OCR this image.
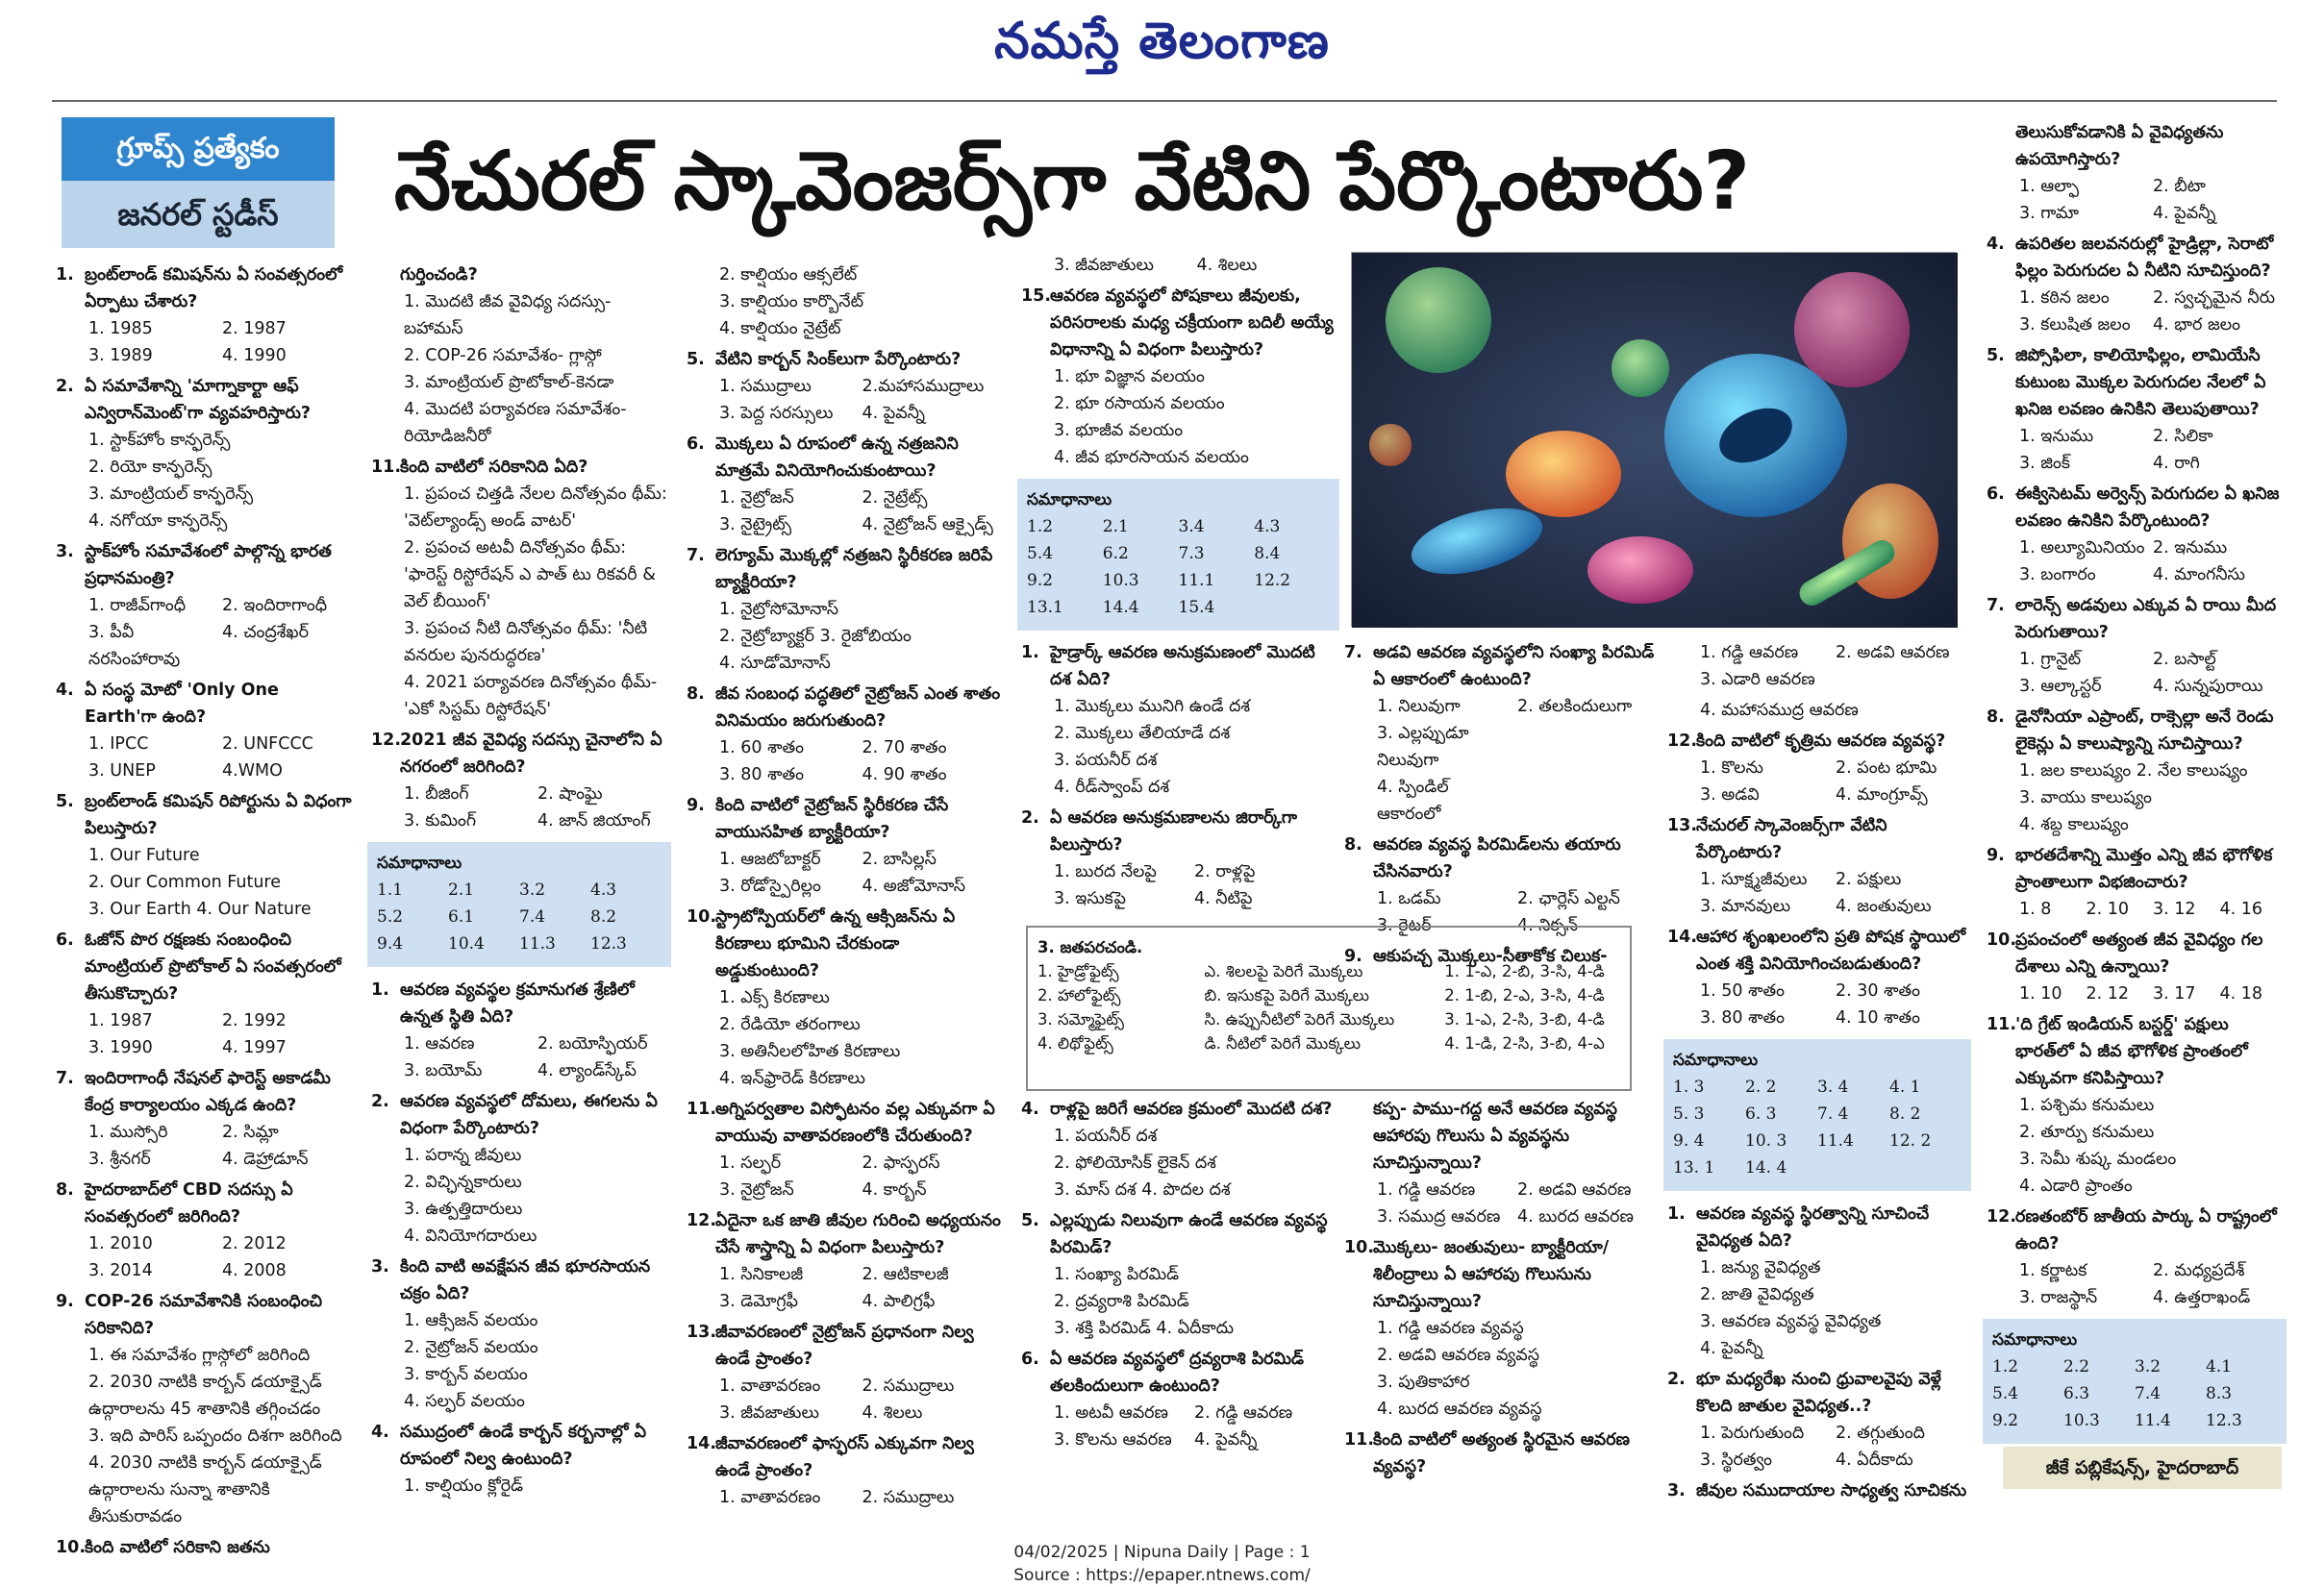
నమస్తే తెలంగాణ
గ్రూప్స్ ప్రత్యేకం
జనరల్ స్టడీస్	నేచురల్ స్కావెంజర్స్‌గా వేటిని పేర్కొంటారు?
1. బ్రంట్‌లాండ్ కమిషన్‌ను ఏ సంవత్సరంలో ఏర్పాటు చేశారు?
1. 1985	2. 1987
3. 1989	4. 1990
2. ఏ సమావేశాన్ని 'మాగ్నాకార్టా ఆఫ్ ఎన్విరాన్‌మెంట్'గా వ్యవహరిస్తారు?
1. స్టాక్‌హోం కాన్ఫరెన్స్
2. రియో కాన్ఫరెన్స్
3. మాంట్రియల్ కాన్ఫరెన్స్
4. నగోయా కాన్ఫరెన్స్
3. స్టాక్‌హోం సమావేశంలో పాల్గొన్న భారత ప్రధానమంత్రి?
1. రాజీవ్‌గాంధీ	2. ఇందిరాగాంధీ
3. పీవీ నరసింహారావు
4. చంద్రశేఖర్
4. ఏ సంస్థ మోటో 'Only One Earth'గా ఉంది?
1. IPCC	2. UNFCCC
3. UNEP	4.WMO
5. బ్రంట్‌లాండ్ కమిషన్ రిపోర్టును ఏ విధంగా పిలుస్తారు?
1. Our Future
2. Our Common Future
3. Our Earth 4. Our Nature
6. ఓజోన్ పొర రక్షణకు సంబంధించి మాంట్రియల్ ప్రొటోకాల్ ఏ సంవత్సరంలో తీసుకొచ్చారు?
1. 1987	2. 1992
3. 1990	4. 1997
7. ఇందిరాగాంధీ నేషనల్ ఫారెస్ట్ అకాడమీ కేంద్ర కార్యాలయం ఎక్కడ ఉంది?
1. ముస్సోరి	2. సిమ్లా
3. శ్రీనగర్	4. డెహ్రాడూన్
8. హైదరాబాద్‌లో CBD సదస్సు ఏ సంవత్సరంలో జరిగింది?
1. 2010	2. 2012
3. 2014	4. 2008
9. COP-26 సమావేశానికి సంబంధించి సరికానిది?
1. ఈ సమావేశం గ్లాస్గోలో జరిగింది
2. 2030 నాటికి కార్బన్ డయాక్సైడ్ ఉద్గారాలను 45 శాతానికి తగ్గించడం
3. ఇది పారిస్ ఒప్పందం దిశగా జరిగింది
4. 2030 నాటికి కార్బన్ డయాక్సైడ్ ఉద్గారాలను సున్నా శాతానికి తీసుకురావడం
10.కింది వాటిలో సరికాని జతను
గుర్తించండి?
1. మొదటి జీవ వైవిధ్య సదస్సు- బహామస్
2. COP-26 సమావేశం- గ్లాస్గో
3. మాంట్రియల్ ప్రొటోకాల్-కెనడా
4. మొదటి పర్యావరణ సమావేశం- రియోడిజనీరో
11.కింది వాటిలో సరికానిది ఏది?
1. ప్రపంచ చిత్తడి నేలల దినోత్సవం థీమ్: 'వెట్‌ల్యాండ్స్ అండ్ వాటర్'
2. ప్రపంచ అటవీ దినోత్సవం థీమ్: 'ఫారెస్ట్ రిస్టోరేషన్ ఎ పాత్ టు రికవరీ & వెల్ బీయింగ్'
3. ప్రపంచ నీటి దినోత్సవం థీమ్: 'నీటి వనరుల పునరుద్ధరణ'
4. 2021 పర్యావరణ దినోత్సవం థీమ్- 'ఎకో సిస్టమ్ రిస్టోరేషన్'
12.2021 జీవ వైవిధ్య సదస్సు చైనాలోని ఏ నగరంలో జరిగింది?
1. బీజింగ్	2. షాంఘై
3. కుమింగ్	4. జాన్ జియాంగ్
సమాధానాలు
1.1	2.1	3.2	4.3
5.2	6.1	7.4	8.2
9.4	10.4	11.3	12.3
1. ఆవరణ వ్యవస్థల క్రమానుగత శ్రేణిలో ఉన్నత స్థితి ఏది?
1. ఆవరణ	2. బయోస్ఫియర్
3. బయోమ్	4. ల్యాండ్‌స్కేప్
2. ఆవరణ వ్యవస్థలో దోమలు, ఈగలను ఏ విధంగా పేర్కొంటారు?
1. పరాన్న జీవులు
2. విచ్ఛిన్నకారులు
3. ఉత్పత్తిదారులు
4. వినియోగదారులు
3. కింది వాటి అవక్షేపన జీవ భూరసాయన చక్రం ఏది?
1. ఆక్సిజన్ వలయం
2. నైట్రోజన్ వలయం
3. కార్బన్ వలయం
4. సల్ఫర్ వలయం
4. సముద్రంలో ఉండే కార్బన్ కర్బనాల్లో ఏ రూపంలో నిల్వ ఉంటుంది?
1. కాల్షియం క్లోరైడ్
2. కాల్షియం ఆక్సలేట్
3. కాల్షియం కార్బొనేట్
4. కాల్షియం నైట్రేట్
5. వేటిని కార్బన్ సింక్‌లుగా పేర్కొంటారు?
1. సముద్రాలు	2.మహాసముద్రాలు
3. పెద్ద సరస్సులు	4. పైవన్నీ
6. మొక్కలు ఏ రూపంలో ఉన్న నత్రజనిని మాత్రమే వినియోగించుకుంటాయి?
1. నైట్రోజన్	2. నైట్రేట్స్
3. నైట్రైట్స్	4. నైట్రోజన్ ఆక్సైడ్స్
7. లెగ్యూమ్ మొక్కల్లో నత్రజని స్థిరీకరణ జరిపే బ్యాక్టీరియా?
1. నైట్రోసోమోనాస్
2. నైట్రోబ్యాక్టర్ 3. రైజోబియం
4. సూడోమోనాస్
8. జీవ సంబంధ పద్ధతిలో నైట్రోజన్ ఎంత శాతం వినిమయం జరుగుతుంది?
1. 60 శాతం	2. 70 శాతం
3. 80 శాతం	4. 90 శాతం
9. కింది వాటిలో నైట్రోజన్ స్థిరీకరణ చేసే వాయుసహిత బ్యాక్టీరియా?
1. ఆజటోబాక్టర్	2. బాసిల్లస్
3. రోడోస్పైరిల్లం	4. అజోమోనాస్
10.స్ట్రాటోస్పియర్‌లో ఉన్న ఆక్సిజన్‌ను ఏ కిరణాలు భూమిని చేరకుండా అడ్డుకుంటుంది?
1. ఎక్స్ కిరణాలు
2. రేడియో తరంగాలు
3. అతినీలలోహిత కిరణాలు
4. ఇన్‌ఫ్రారెడ్ కిరణాలు
11.అగ్నిపర్వతాల విస్ఫోటనం వల్ల ఎక్కువగా ఏ వాయువు వాతావరణంలోకి చేరుతుంది?
1. సల్ఫర్	2. ఫాస్ఫరస్
3. నైట్రోజన్	4. కార్బన్
12.ఏదైనా ఒక జాతి జీవుల గురించి అధ్యయనం చేసే శాస్త్రాన్ని ఏ విధంగా పిలుస్తారు?
1. సినికాలజీ	2. ఆటికాలజీ
3. డెమోగ్రఫీ	4. పాలిగ్రఫీ
13.జీవావరణంలో నైట్రోజన్ ప్రధానంగా నిల్వ ఉండే ప్రాంతం?
1. వాతావరణం	2. సముద్రాలు
3. జీవజాతులు	4. శిలలు
14.జీవావరణంలో ఫాస్ఫరస్ ఎక్కువగా నిల్వ ఉండే ప్రాంతం?
1. వాతావరణం	2. సముద్రాలు
3. జీవజాతులు	4. శిలలు
15.ఆవరణ వ్యవస్థలో పోషకాలు జీవులకు, పరిసరాలకు మధ్య చక్రీయంగా బదిలీ అయ్యే విధానాన్ని ఏ విధంగా పిలుస్తారు?
1. భూ విజ్ఞాన వలయం
2. భూ రసాయన వలయం
3. భూజీవ వలయం
4. జీవ భూరసాయన వలయం
సమాధానాలు
1.2	2.1	3.4	4.3
5.4	6.2	7.3	8.4
9.2	10.3	11.1	12.2
13.1	14.4	15.4
1. హైడ్రార్క్ ఆవరణ అనుక్రమణంలో మొదటి దశ ఏది?
1. మొక్కలు మునిగి ఉండే దశ
2. మొక్కలు తేలియాడే దశ
3. పయనీర్ దశ
4. రీడ్‌స్వాంప్ దశ
2. ఏ ఆవరణ అనుక్రమణాలను జిరార్క్‌గా పిలుస్తారు?
1. బురద నేలపై	2. రాళ్లపై
3. ఇసుకపై	4. నీటిపై
4. రాళ్లపై జరిగే ఆవరణ క్రమంలో మొదటి దశ?
1. పయనీర్ దశ
2. ఫోలియోసిక్ లైకెన్ దశ
3. మాస్ దశ 4. పొదల దశ
5. ఎల్లప్పుడు నిలువుగా ఉండే ఆవరణ వ్యవస్థ పిరమిడ్?
1. సంఖ్యా పిరమిడ్
2. ద్రవ్యరాశి పిరమిడ్
3. శక్తి పిరమిడ్ 4. ఏదీకాదు
6. ఏ ఆవరణ వ్యవస్థలో ద్రవ్యరాశి పిరమిడ్ తలకిందులుగా ఉంటుంది?
1. అటవీ ఆవరణ	2. గడ్డి ఆవరణ
3. కొలను ఆవరణ	4. పైవన్నీ
7. అడవి ఆవరణ వ్యవస్థలోని సంఖ్యా పిరమిడ్ ఏ ఆకారంలో ఉంటుంది?
1. నిలువుగా	2. తలకిందులుగా
3. ఎల్లప్పుడూ నిలువుగా
4. స్పిండిల్ ఆకారంలో
8. ఆవరణ వ్యవస్థ పిరమిడ్‌లను తయారు చేసినవారు?
1. ఒడమ్	2. ఛార్లెస్ ఎల్టన్
3. రైటర్	4. నిక్సన్
9. ఆకుపచ్చ మొక్కలు-సీతాకోక చిలుక-
కప్ప- పాము-గద్ద అనే ఆవరణ వ్యవస్థ ఆహారపు గొలుసు ఏ వ్యవస్థను సూచిస్తున్నాయి?
1. గడ్డి ఆవరణ	2. అడవి ఆవరణ
3. సముద్ర ఆవరణ	4. బురద ఆవరణ
10.మొక్కలు- జంతువులు- బ్యాక్టీరియా/శిలీంద్రాలు ఏ ఆహారపు గొలుసును సూచిస్తున్నాయి?
1. గడ్డి ఆవరణ వ్యవస్థ
2. అడవి ఆవరణ వ్యవస్థ
3. పుతికాహార
4. బురద ఆవరణ వ్యవస్థ
11.కింది వాటిలో అత్యంత స్థిరమైన ఆవరణ వ్యవస్థ?
1. గడ్డి ఆవరణ	2. అడవి ఆవరణ
3. ఎడారి ఆవరణ
4. మహాసముద్ర ఆవరణ
12.కింది వాటిలో కృత్రిమ ఆవరణ వ్యవస్థ?
1. కొలను	2. పంట భూమి
3. అడవి	4. మాంగ్రూవ్స్
13.నేచురల్ స్కావెంజర్స్‌గా వేటిని పేర్కొంటారు?
1. సూక్ష్మజీవులు	2. పక్షులు
3. మానవులు	4. జంతువులు
14.ఆహార శృంఖలంలోని ప్రతి పోషక స్థాయిలో ఎంత శక్తి వినియోగించబడుతుంది?
1. 50 శాతం	2. 30 శాతం
3. 80 శాతం	4. 10 శాతం
సమాధానాలు
1. 3	2. 2	3. 4	4. 1
5. 3	6. 3	7. 4	8. 2
9. 4	10. 3	11.4	12. 2
13. 1	14. 4
1. ఆవరణ వ్యవస్థ స్థిరత్వాన్ని సూచించే వైవిధ్యత ఏది?
1. జన్యు వైవిధ్యత
2. జాతి వైవిధ్యత
3. ఆవరణ వ్యవస్థ వైవిధ్యత
4. పైవన్నీ
2. భూ మధ్యరేఖ నుంచి ధ్రువాలవైపు వెళ్లే కొలది జాతుల వైవిధ్యత..?
1. పెరుగుతుంది	2. తగ్గుతుంది
3. స్థిరత్వం	4. ఏదీకాదు
3. జీవుల సముదాయాల సాధ్యత్వ సూచికను
తెలుసుకోవడానికి ఏ వైవిధ్యతను ఉపయోగిస్తారు?
1. ఆల్ఫా	2. బీటా
3. గామా	4. పైవన్నీ
4. ఉపరితల జలవనరుల్లో హైడ్రిల్లా, సెరాటో ఫిల్లం పెరుగుదల ఏ నీటిని సూచిస్తుంది?
1. కఠిన జలం	2. స్వచ్ఛమైన నీరు
3. కలుషిత జలం	4. భార జలం
5. జిప్సోఫిలా, కాలియోఫిల్లం, లామియేసి కుటుంబ మొక్కల పెరుగుదల నేలలో ఏ ఖనిజ లవణం ఉనికిని తెలుపుతాయి?
1. ఇనుము	2. సిలికా
3. జింక్	4. రాగి
6. ఈక్విసెటమ్ అర్వెన్స్ పెరుగుదల ఏ ఖనిజ లవణం ఉనికిని పేర్కొంటుంది?
1. అల్యూమినియం 2. ఇనుము
3. బంగారం	4. మాంగనీసు
7. లారెన్స్ అడవులు ఎక్కువ ఏ రాయి మీద పెరుగుతాయి?
1. గ్రానైట్	2. బసాల్ట్
3. ఆల్కాస్టర్	4. సున్నపురాయి
8. డైనోసియా ఎప్రాంట్, రాక్సెల్లా అనే రెండు లైకెన్లు ఏ కాలుష్యాన్ని సూచిస్తాయి?
1. జల కాలుష్యం 2. నేల కాలుష్యం
3. వాయు కాలుష్యం
4. శబ్ద కాలుష్యం
9. భారతదేశాన్ని మొత్తం ఎన్ని జీవ భౌగోళిక ప్రాంతాలుగా విభజించారు?
1. 8	2. 10	3. 12	4. 16
10.ప్రపంచంలో అత్యంత జీవ వైవిధ్యం గల దేశాలు ఎన్ని ఉన్నాయి?
1. 10	2. 12	3. 17	4. 18
11.'ది గ్రేట్ ఇండియన్ బస్టర్డ్' పక్షులు భారత్‌లో ఏ జీవ భౌగోళిక ప్రాంతంలో ఎక్కువగా కనిపిస్తాయి?
1. పశ్చిమ కనుమలు
2. తూర్పు కనుమలు
3. సెమీ శుష్క మండలం
4. ఎడారి ప్రాంతం
12.రణతంబోర్ జాతీయ పార్కు ఏ రాష్ట్రంలో ఉంది?
1. కర్ణాటక	2. మధ్యప్రదేశ్
3. రాజస్థాన్	4. ఉత్తరాఖండ్
సమాధానాలు
1.2	2.2	3.2	4.1
5.4	6.3	7.4	8.3
9.2	10.3	11.4	12.3
3. జతపరచండి.
1. హైడ్రోఫైట్స్	ఎ. శిలలపై పెరిగే మొక్కలు	1. 1-ఎ, 2-బి, 3-సి, 4-డి
2. హాలోఫైట్స్	బి. ఇసుకపై పెరిగే మొక్కలు	2. 1-బి, 2-ఎ, 3-సి, 4-డి
3. సమ్మోఫైట్స్	సి. ఉప్పునీటిలో పెరిగే మొక్కలు	3. 1-ఎ, 2-సి, 3-బి, 4-డి
4. లిథోఫైట్స్	డి. నీటిలో పెరిగే మొక్కలు	4. 1-డి, 2-సి, 3-బి, 4-ఎ
జీకే పబ్లికేషన్స్, హైదరాబాద్
04/02/2025 | Nipuna Daily | Page : 1
Source : https://epaper.ntnews.com/
